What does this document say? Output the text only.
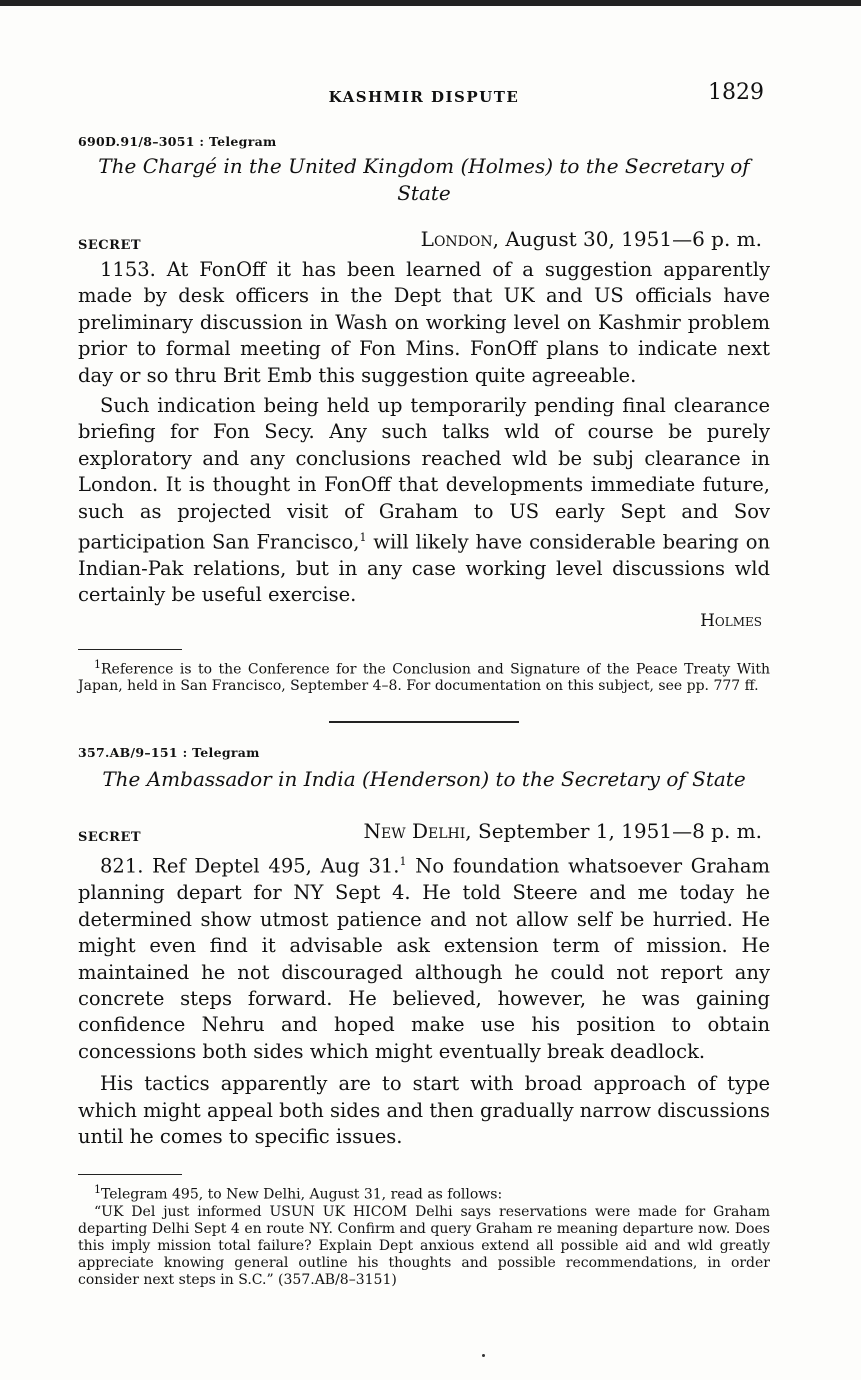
KASHMIR DISPUTE	1829
690D.91/8–3051 : Telegram
The Chargé in the United Kingdom (Holmes) to the Secretary of State
SECRET	London, August 30, 1951—6 p. m.

1153. At FonOff it has been learned of a suggestion apparently made by desk officers in the Dept that UK and US officials have preliminary discussion in Wash on working level on Kashmir problem prior to formal meeting of Fon Mins. FonOff plans to indicate next day or so thru Brit Emb this suggestion quite agreeable.

Such indication being held up temporarily pending final clearance briefing for Fon Secy. Any such talks wld of course be purely exploratory and any conclusions reached wld be subj clearance in London. It is thought in FonOff that developments immediate future, such as projected visit of Graham to US early Sept and Sov participation San Francisco,$^1$ will likely have considerable bearing on Indian-Pak relations, but in any case working level discussions wld certainly be useful exercise.

Holmes

$^1$Reference is to the Conference for the Conclusion and Signature of the Peace Treaty With Japan, held in San Francisco, September 4–8. For documentation on this subject, see pp. 777 ff.

357.AB/9–151 : Telegram
The Ambassador in India (Henderson) to the Secretary of State
SECRET	New Delhi, September 1, 1951—8 p. m.

821. Ref Deptel 495, Aug 31.$^1$ No foundation whatsoever Graham planning depart for NY Sept 4. He told Steere and me today he determined show utmost patience and not allow self be hurried. He might even find it advisable ask extension term of mission. He maintained he not discouraged although he could not report any concrete steps forward. He believed, however, he was gaining confidence Nehru and hoped make use his position to obtain concessions both sides which might eventually break deadlock.

His tactics apparently are to start with broad approach of type which might appeal both sides and then gradually narrow discussions until he comes to specific issues.

$^1$Telegram 495, to New Delhi, August 31, read as follows:

“UK Del just informed USUN UK HICOM Delhi says reservations were made for Graham departing Delhi Sept 4 en route NY. Confirm and query Graham re meaning departure now. Does this imply mission total failure? Explain Dept anxious extend all possible aid and wld greatly appreciate knowing general outline his thoughts and possible recommendations, in order consider next steps in S.C.” (357.AB/8–3151)
